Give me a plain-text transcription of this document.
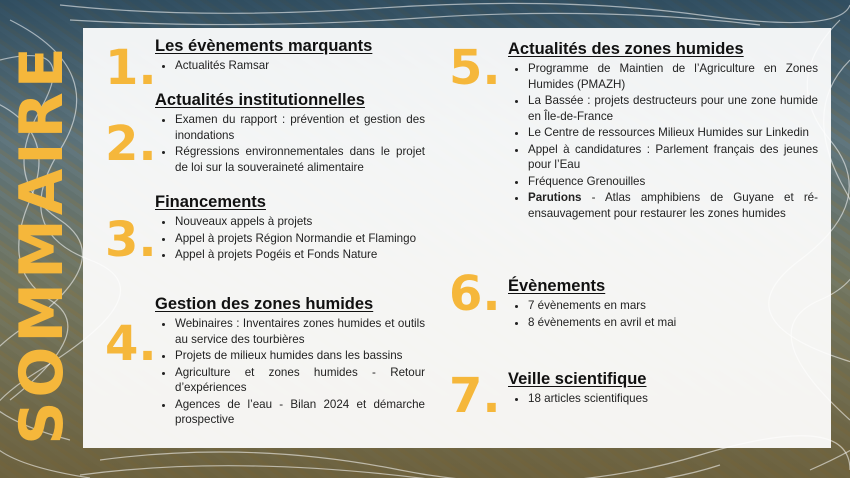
SOMMAIRE 1.
Les évènements marquants
• Actualités Ramsar
2.
Actualités institutionnelles
• Examen du rapport : prévention et gestion des inondations
• Régressions environnementales dans le projet de loi sur la souveraineté alimentaire
3.
Financements
• Nouveaux appels à projets
• Appel à projets Région Normandie et Flamingo
• Appel à projets Pogéis et Fonds Nature
4.
Gestion des zones humides
• Webinaires : Inventaires zones humides et outils au service des tourbières
• Projets de milieux humides dans les bassins
• Agriculture et zones humides - Retour d’expériences
• Agences de l’eau - Bilan 2024 et démarche prospective
5. Actualités des zones humides
• Programme de Maintien de l’Agriculture en Zones Humides (PMAZH)
• La Bassée : projets destructeurs pour une zone humide en Île-de-France
• Le Centre de ressources Milieux Humides sur Linkedin
• Appel à candidatures : Parlement français des jeunes pour l’Eau
• Fréquence Grenouilles
• Parutions - Atlas amphibiens de Guyane et ré-ensauvagement pour restaurer les zones humides
6. Évènements
• 7 évènements en mars
• 8 évènements en avril et mai
7. Veille scientifique
• 18 articles scientifiques
